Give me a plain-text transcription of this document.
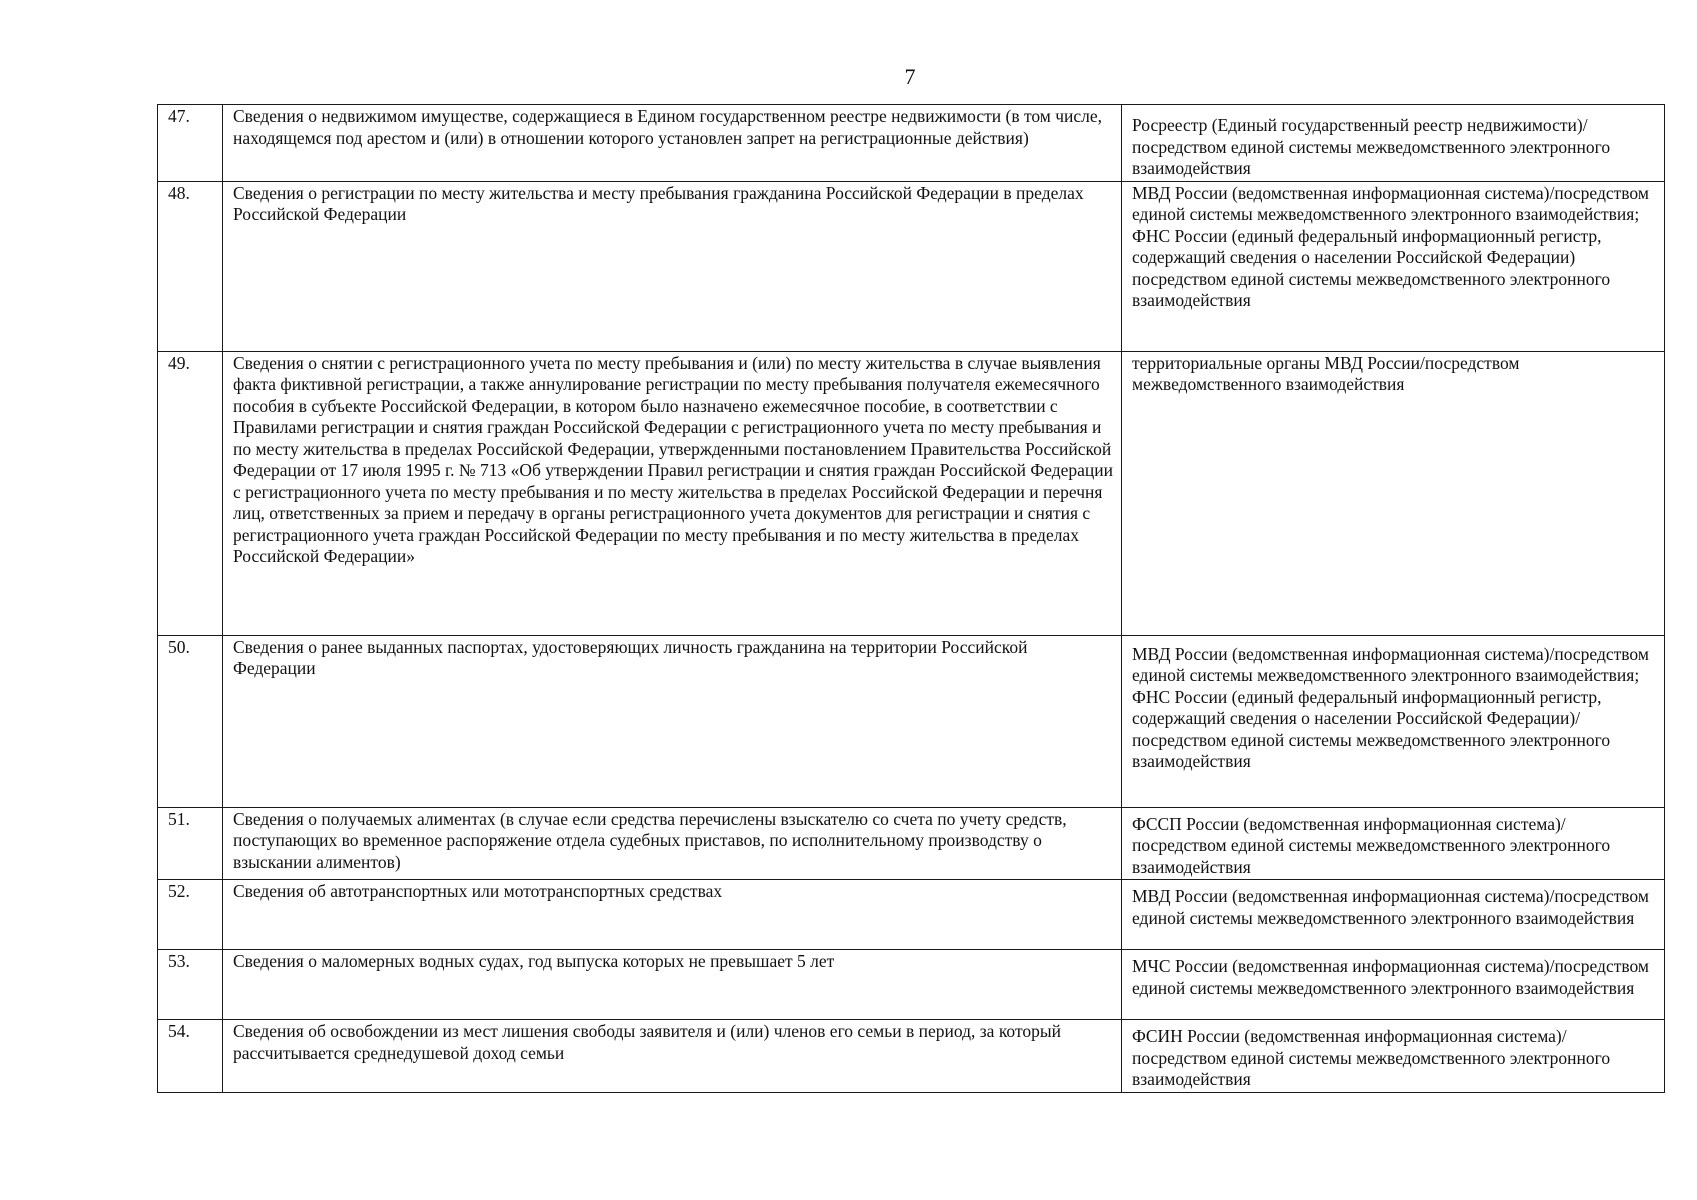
7
47.	Сведения о недвижимом имуществе, содержащиеся в Едином государственном реестре недвижимости (в том числе, находящемся под арестом и (или) в отношении которого установлен запрет на регистрационные действия)	Росреестр (Единый государственный реестр недвижимости)/посредством единой системы межведомственного электронного взаимодействия
48.	Сведения о регистрации по месту жительства и месту пребывания гражданина Российской Федерации в пределах Российской Федерации	МВД России (ведомственная информационная система)/посредством единой системы межведомственного электронного взаимодействия; ФНС России (единый федеральный информационный регистр, содержащий сведения о населении Российской Федерации) посредством единой системы межведомственного электронного взаимодействия
49.	Сведения о снятии с регистрационного учета по месту пребывания и (или) по месту жительства в случае выявления факта фиктивной регистрации, а также аннулирование регистрации по месту пребывания получателя ежемесячного пособия в субъекте Российской Федерации, в котором было назначено ежемесячное пособие, в соответствии с Правилами регистрации и снятия граждан Российской Федерации с регистрационного учета по месту пребывания и по месту жительства в пределах Российской Федерации, утвержденными постановлением Правительства Российской Федерации от 17 июля 1995 г. № 713 «Об утверждении Правил регистрации и снятия граждан Российской Федерации с регистрационного учета по месту пребывания и по месту жительства в пределах Российской Федерации и перечня лиц, ответственных за прием и передачу в органы регистрационного учета документов для регистрации и снятия с регистрационного учета граждан Российской Федерации по месту пребывания и по месту жительства в пределах Российской Федерации»	территориальные органы МВД России/посредством межведомственного взаимодействия
50.	Сведения о ранее выданных паспортах, удостоверяющих личность гражданина на территории Российской Федерации	МВД России (ведомственная информационная система)/посредством единой системы межведомственного электронного взаимодействия; ФНС России (единый федеральный информационный регистр, содержащий сведения о населении Российской Федерации)/посредством единой системы межведомственного электронного взаимодействия
51.	Сведения о получаемых алиментах (в случае если средства перечислены взыскателю со счета по учету средств, поступающих во временное распоряжение отдела судебных приставов, по исполнительному производству о взыскании алиментов)	ФССП России (ведомственная информационная система)/посредством единой системы межведомственного электронного взаимодействия
52.	Сведения об автотранспортных или мототранспортных средствах	МВД России (ведомственная информационная система)/посредством единой системы межведомственного электронного взаимодействия
53.	Сведения о маломерных водных судах, год выпуска которых не превышает 5 лет	МЧС России (ведомственная информационная система)/посредством единой системы межведомственного электронного взаимодействия
54.	Сведения об освобождении из мест лишения свободы заявителя и (или) членов его семьи в период, за который рассчитывается среднедушевой доход семьи	ФСИН России (ведомственная информационная система)/посредством единой системы межведомственного электронного взаимодействия
